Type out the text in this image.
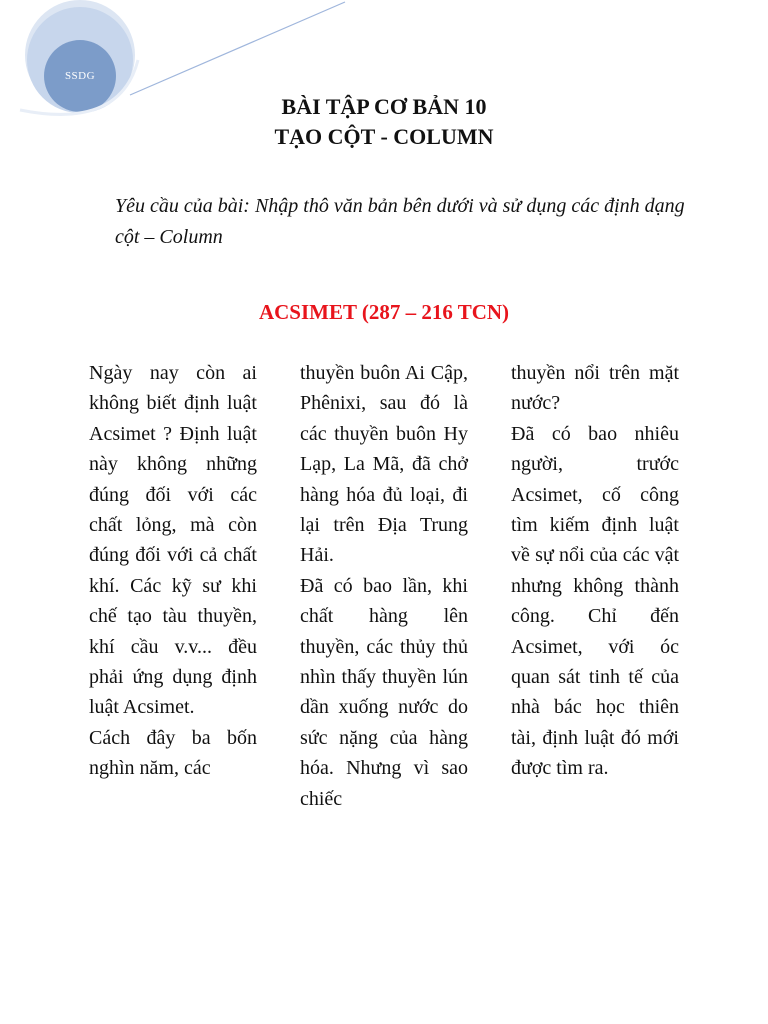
SSDG
BÀI TẬP CƠ BẢN 10
TẠO CỘT - COLUMN
Yêu cầu của bài: Nhập thô văn bản bên dưới và sử dụng các định dạng cột – Column
ACSIMET (287 – 216 TCN)

Ngày nay còn ai không biết định luật Acsimet ? Định luật này không những đúng đối với các chất lỏng, mà còn đúng đối với cả chất khí. Các kỹ sư khi chế tạo tàu thuyền, khí cầu v.v... đều phải ứng dụng định luật Acsimet.

Cách đây ba bốn nghìn năm, các

thuyền buôn Ai Cập, Phênixi, sau đó là các thuyền buôn Hy Lạp, La Mã, đã chở hàng hóa đủ loại, đi lại trên Địa Trung Hải.

Đã có bao lần, khi chất hàng lên thuyền, các thủy thủ nhìn thấy thuyền lún dần xuống nước do sức nặng của hàng hóa. Nhưng vì sao chiếc

thuyền nổi trên mặt nước?

Đã có bao nhiêu người, trước Acsimet, cố công tìm kiếm định luật về sự nổi của các vật nhưng không thành công. Chỉ đến Acsimet, với óc quan sát tinh tế của nhà bác học thiên tài, định luật đó mới được tìm ra.
